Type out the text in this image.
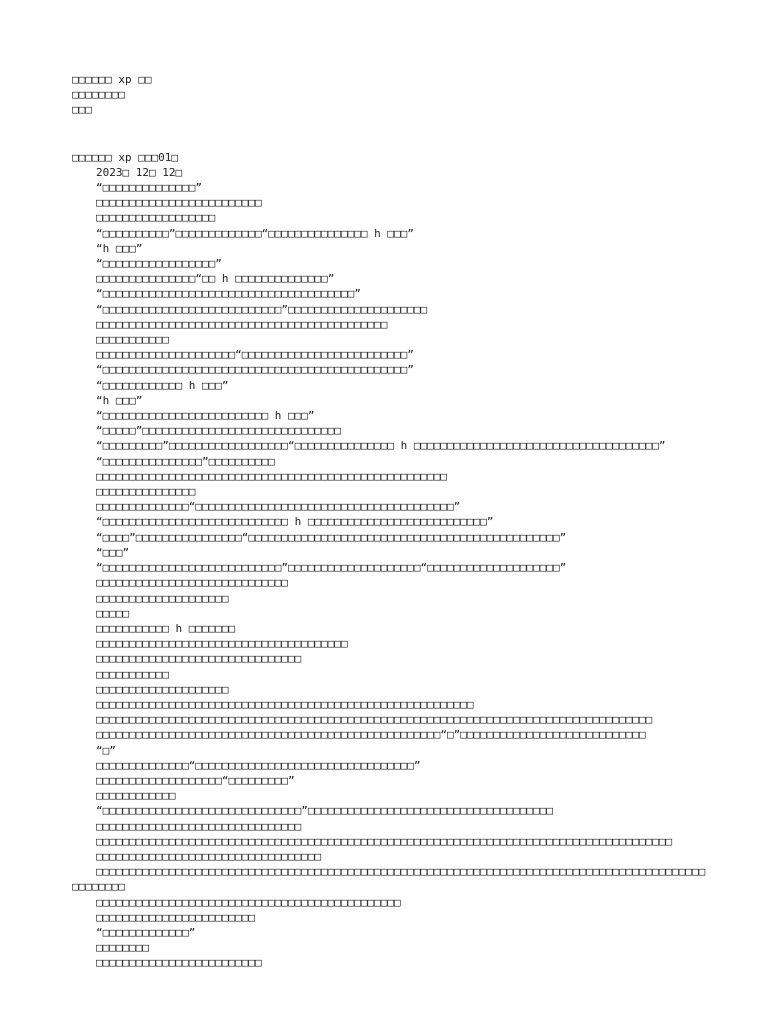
□□□□□□ xp □□
□□□□□□□□
□□□
□□□□□□ xp □□□01□
2023□ 12□ 12□
“□□□□□□□□□□□□□□”
□□□□□□□□□□□□□□□□□□□□□□□□□
□□□□□□□□□□□□□□□□□□
“□□□□□□□□□□”□□□□□□□□□□□□□“□□□□□□□□□□□□□□□ h □□□”
“h □□□”
“□□□□□□□□□□□□□□□□□”
□□□□□□□□□□□□□□□“□□ h □□□□□□□□□□□□□□”
“□□□□□□□□□□□□□□□□□□□□□□□□□□□□□□□□□□□□□□”
“□□□□□□□□□□□□□□□□□□□□□□□□□□□”□□□□□□□□□□□□□□□□□□□□□
□□□□□□□□□□□□□□□□□□□□□□□□□□□□□□□□□□□□□□□□□□□□
□□□□□□□□□□□
□□□□□□□□□□□□□□□□□□□□□“□□□□□□□□□□□□□□□□□□□□□□□□□”
“□□□□□□□□□□□□□□□□□□□□□□□□□□□□□□□□□□□□□□□□□□□□□□”
“□□□□□□□□□□□□ h □□□”
“h □□□”
“□□□□□□□□□□□□□□□□□□□□□□□□□ h □□□”
“□□□□□”□□□□□□□□□□□□□□□□□□□□□□□□□□□□□□
“□□□□□□□□□”□□□□□□□□□□□□□□□□□□“□□□□□□□□□□□□□□□ h □□□□□□□□□□□□□□□□□□□□□□□□□□□□□□□□□□□□□”
“□□□□□□□□□□□□□□□”□□□□□□□□□□
□□□□□□□□□□□□□□□□□□□□□□□□□□□□□□□□□□□□□□□□□□□□□□□□□□□□□
□□□□□□□□□□□□□□□
□□□□□□□□□□□□□□“□□□□□□□□□□□□□□□□□□□□□□□□□□□□□□□□□□□□□□□”
“□□□□□□□□□□□□□□□□□□□□□□□□□□□□ h □□□□□□□□□□□□□□□□□□□□□□□□□□□”
“□□□□”□□□□□□□□□□□□□□□□“□□□□□□□□□□□□□□□□□□□□□□□□□□□□□□□□□□□□□□□□□□□□□□□”
“□□□”
“□□□□□□□□□□□□□□□□□□□□□□□□□□□”□□□□□□□□□□□□□□□□□□□□“□□□□□□□□□□□□□□□□□□□□”
□□□□□□□□□□□□□□□□□□□□□□□□□□□□□
□□□□□□□□□□□□□□□□□□□□
□□□□□
□□□□□□□□□□□ h □□□□□□□
□□□□□□□□□□□□□□□□□□□□□□□□□□□□□□□□□□□□□□
□□□□□□□□□□□□□□□□□□□□□□□□□□□□□□□
□□□□□□□□□□□
□□□□□□□□□□□□□□□□□□□□
□□□□□□□□□□□□□□□□□□□□□□□□□□□□□□□□□□□□□□□□□□□□□□□□□□□□□□□□□
□□□□□□□□□□□□□□□□□□□□□□□□□□□□□□□□□□□□□□□□□□□□□□□□□□□□□□□□□□□□□□□□□□□□□□□□□□□□□□□□□□□□
□□□□□□□□□□□□□□□□□□□□□□□□□□□□□□□□□□□□□□□□□□□□□□□□□□□□“□”□□□□□□□□□□□□□□□□□□□□□□□□□□□□
“□”
□□□□□□□□□□□□□□“□□□□□□□□□□□□□□□□□□□□□□□□□□□□□□□□□”
□□□□□□□□□□□□□□□□□□□“□□□□□□□□□”
□□□□□□□□□□□□
“□□□□□□□□□□□□□□□□□□□□□□□□□□□□□□”□□□□□□□□□□□□□□□□□□□□□□□□□□□□□□□□□□□□□
□□□□□□□□□□□□□□□□□□□□□□□□□□□□□□□
□□□□□□□□□□□□□□□□□□□□□□□□□□□□□□□□□□□□□□□□□□□□□□□□□□□□□□□□□□□□□□□□□□□□□□□□□□□□□□□□□□□□□□□
□□□□□□□□□□□□□□□□□□□□□□□□□□□□□□□□□□
□□□□□□□□□□□□□□□□□□□□□□□□□□□□□□□□□□□□□□□□□□□□□□□□□□□□□□□□□□□□□□□□□□□□□□□□□□□□□□□□□□□□□□□□□□□□
□□□□□□□□
□□□□□□□□□□□□□□□□□□□□□□□□□□□□□□□□□□□□□□□□□□□□□□
□□□□□□□□□□□□□□□□□□□□□□□□
“□□□□□□□□□□□□□”
□□□□□□□□
□□□□□□□□□□□□□□□□□□□□□□□□□
